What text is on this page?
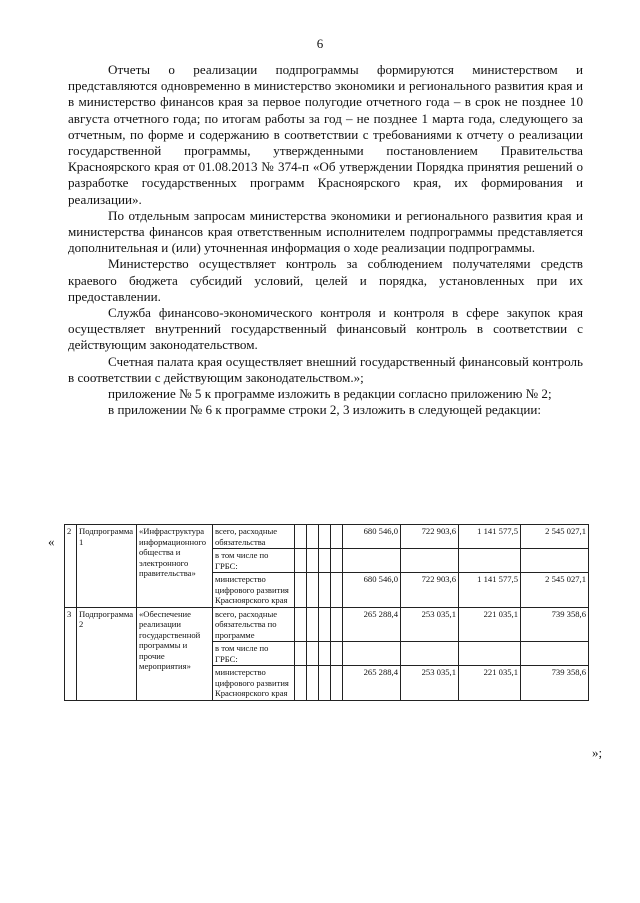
6

Отчеты о реализации подпрограммы формируются министерством и представляются одновременно в министерство экономики и регионального развития края и в министерство финансов края за первое полугодие отчетного года – в срок не позднее 10 августа отчетного года; по итогам работы за год – не позднее 1 марта года, следующего за отчетным, по форме и содержанию в соответствии с требованиями к отчету о реализации государственной программы, утвержденными постановлением Правительства Красноярского края от 01.08.2013 № 374-п «Об утверждении Порядка принятия решений о разработке государственных программ Красноярского края, их формирования и реализации».

По отдельным запросам министерства экономики и регионального развития края и министерства финансов края ответственным исполнителем подпрограммы представляется дополнительная и (или) уточненная информация о ходе реализации подпрограммы.

Министерство осуществляет контроль за соблюдением получателями средств краевого бюджета субсидий условий, целей и порядка, установленных при их предоставлении.

Служба финансово-экономического контроля и контроля в сфере закупок края осуществляет внутренний государственный финансовый контроль в соответствии с действующим законодательством.

Счетная палата края осуществляет внешний государственный финансовый контроль в соответствии с действующим законодательством.»;

приложение № 5 к программе изложить в редакции согласно приложению № 2;

в приложении № 6 к программе строки 2, 3 изложить в следующей редакции:

«
2	Подпрограмма 1	«Инфраструктура информационного общества и электронного правительства»	всего, расходные обязательства					680 546,0	722 903,6	1 141 577,5	2 545 027,1
			в том числе по ГРБС:								
			министерство цифрового развития Красноярского края					680 546,0	722 903,6	1 141 577,5	2 545 027,1
3	Подпрограмма 2	«Обеспечение реализации государственной программы и прочие мероприятия»	всего, расходные обязательства по программе					265 288,4	253 035,1	221 035,1	739 358,6
			в том числе по ГРБС:								
			министерство цифрового развития Красноярского края					265 288,4	253 035,1	221 035,1	739 358,6
»;
